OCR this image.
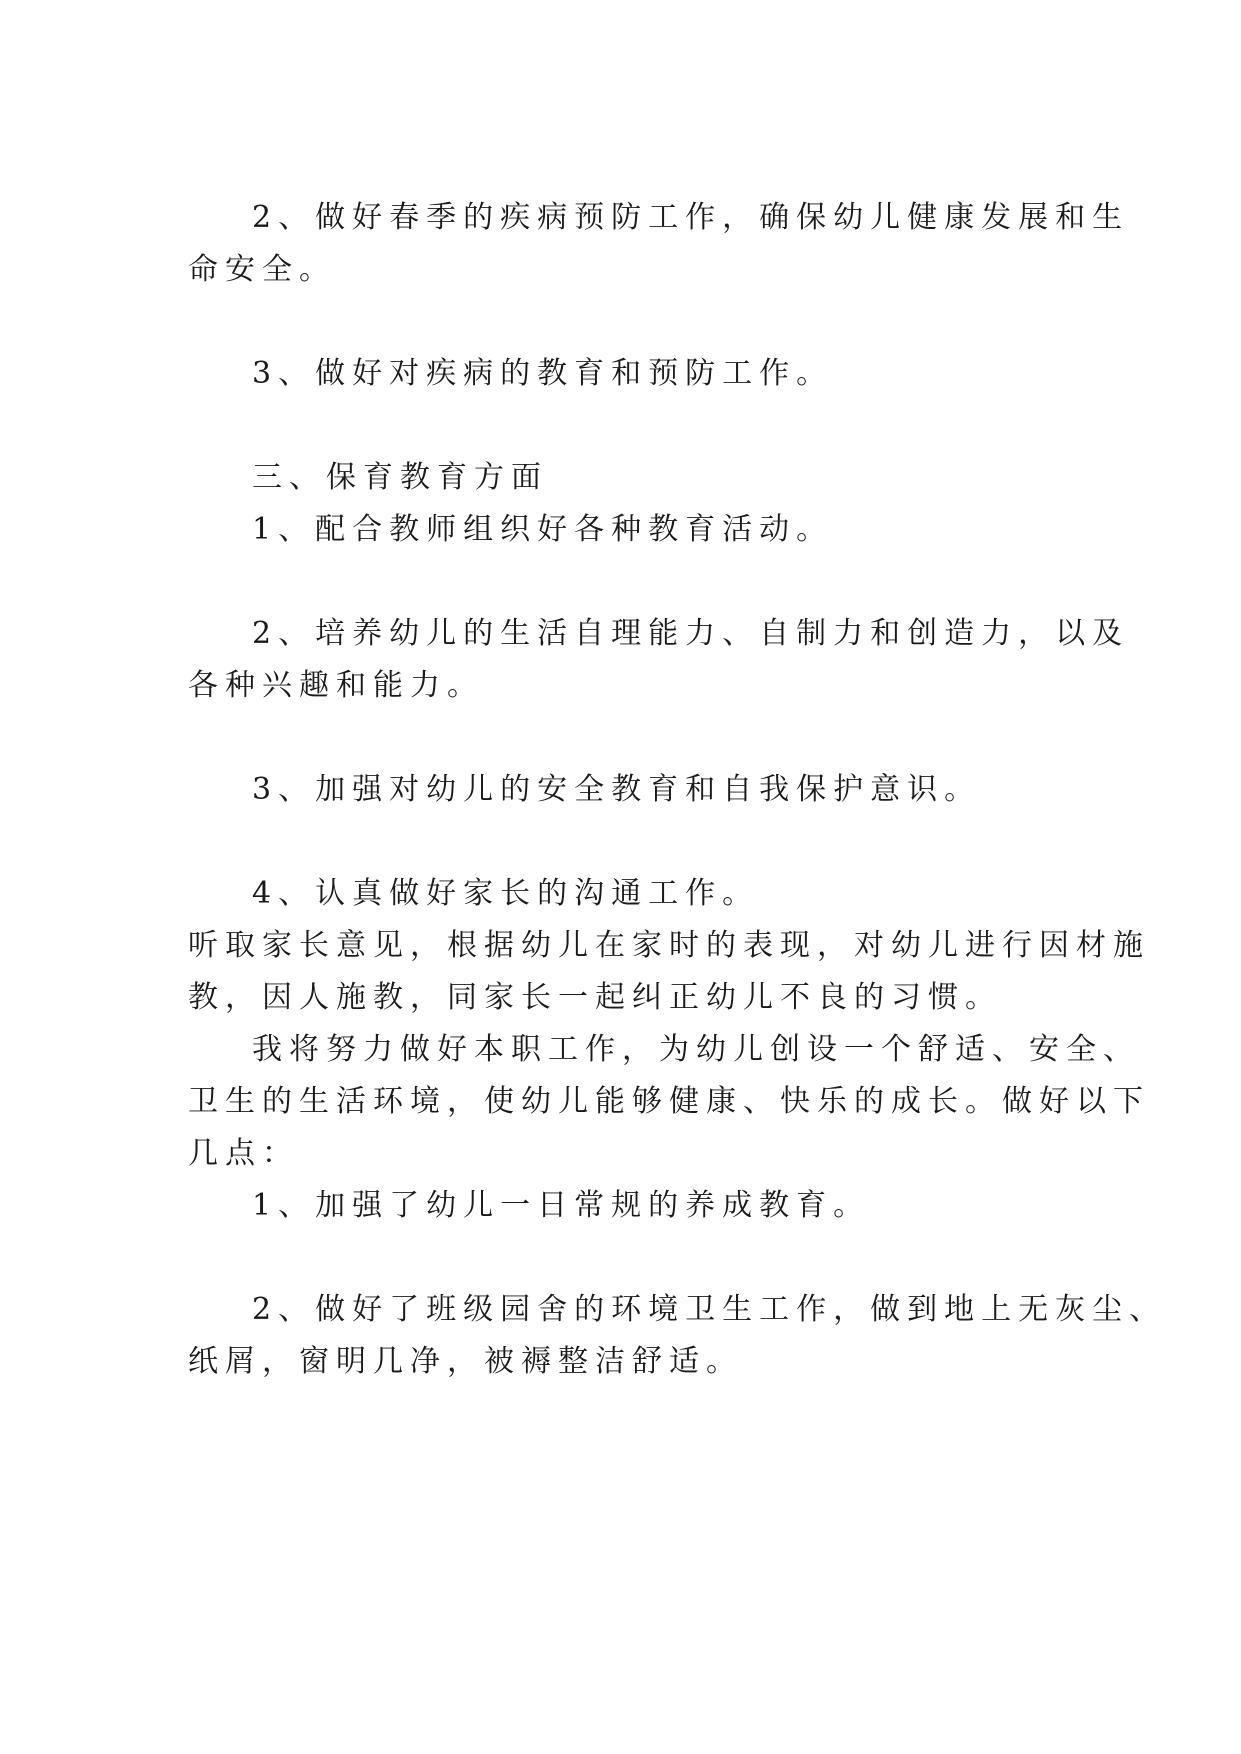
2、做好春季的疾病预防工作，确保幼儿健康发展和生
命安全。
3、做好对疾病的教育和预防工作。
三、保育教育方面
1、配合教师组织好各种教育活动。
2、培养幼儿的生活自理能力、自制力和创造力，以及
各种兴趣和能力。
3、加强对幼儿的安全教育和自我保护意识。
4、认真做好家长的沟通工作。
听取家长意见，根据幼儿在家时的表现，对幼儿进行因材施
教，因人施教，同家长一起纠正幼儿不良的习惯。
我将努力做好本职工作，为幼儿创设一个舒适、安全、
卫生的生活环境，使幼儿能够健康、快乐的成长。做好以下
几点：
1、加强了幼儿一日常规的养成教育。
2、做好了班级园舍的环境卫生工作，做到地上无灰尘、
纸屑，窗明几净，被褥整洁舒适。
